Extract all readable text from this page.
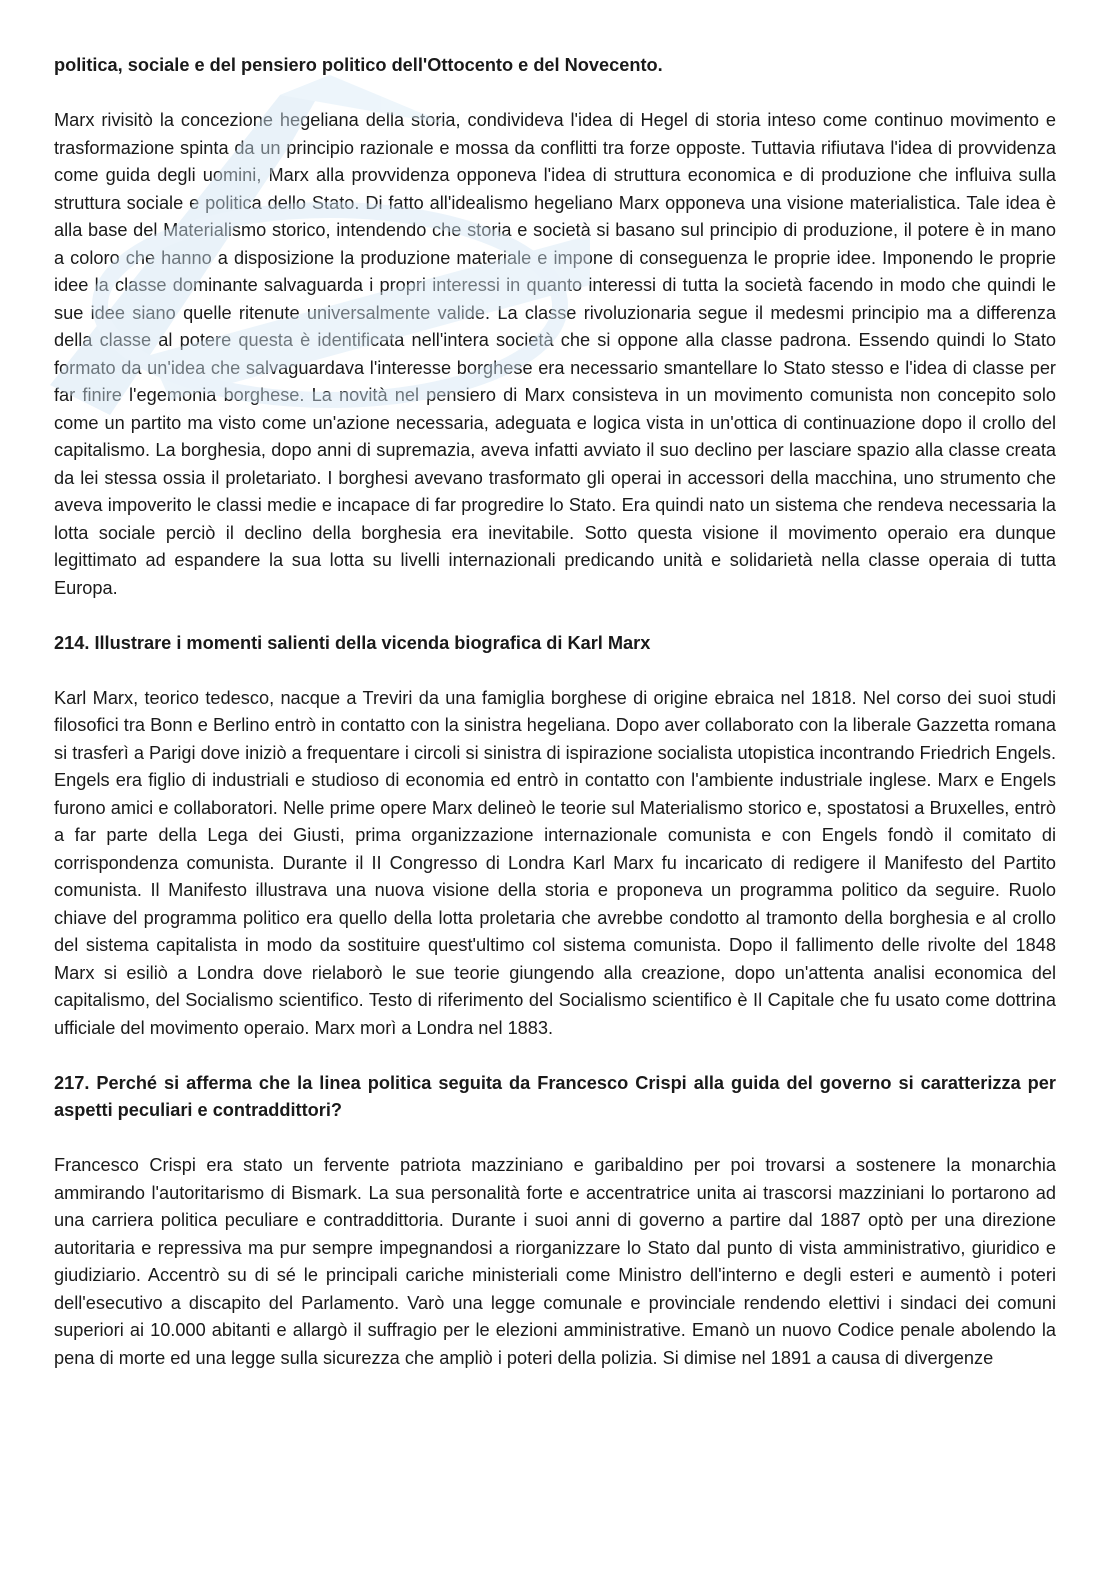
politica, sociale e del pensiero politico dell'Ottocento e del Novecento.

Marx rivisitò la concezione hegeliana della storia, condivideva l'idea di Hegel di storia inteso come continuo movimento e trasformazione spinta da un principio razionale e mossa da conflitti tra forze opposte. Tuttavia rifiutava l'idea di provvidenza come guida degli uomini, Marx alla provvidenza opponeva l'idea di struttura economica e di produzione che influiva sulla struttura sociale e politica dello Stato. Di fatto all'idealismo hegeliano Marx opponeva una visione materialistica. Tale idea è alla base del Materialismo storico, intendendo che storia e società si basano sul principio di produzione, il potere è in mano a coloro che hanno a disposizione la produzione materiale e impone di conseguenza le proprie idee. Imponendo le proprie idee la classe dominante salvaguarda i propri interessi in quanto interessi di tutta la società facendo in modo che quindi le sue idee siano quelle ritenute universalmente valide. La classe rivoluzionaria segue il medesmi principio ma a differenza della classe al potere questa è identificata nell'intera società che si oppone alla classe padrona. Essendo quindi lo Stato formato da un'idea che salvaguardava l'interesse borghese era necessario smantellare lo Stato stesso e l'idea di classe per far finire l'egemonia borghese. La novità nel pensiero di Marx consisteva in un movimento comunista non concepito solo come un partito ma visto come un'azione necessaria, adeguata e logica vista in un'ottica di continuazione dopo il crollo del capitalismo. La borghesia, dopo anni di supremazia, aveva infatti avviato il suo declino per lasciare spazio alla classe creata da lei stessa ossia il proletariato. I borghesi avevano trasformato gli operai in accessori della macchina, uno strumento che aveva impoverito le classi medie e incapace di far progredire lo Stato. Era quindi nato un sistema che rendeva necessaria la lotta sociale perciò il declino della borghesia era inevitabile. Sotto questa visione il movimento operaio era dunque legittimato ad espandere la sua lotta su livelli internazionali predicando unità e solidarietà nella classe operaia di tutta Europa.

214. Illustrare i momenti salienti della vicenda biografica di Karl Marx

Karl Marx, teorico tedesco, nacque a Treviri da una famiglia borghese di origine ebraica nel 1818. Nel corso dei suoi studi filosofici tra Bonn e Berlino entrò in contatto con la sinistra hegeliana. Dopo aver collaborato con la liberale Gazzetta romana si trasferì a Parigi dove iniziò a frequentare i circoli si sinistra di ispirazione socialista utopistica incontrando Friedrich Engels. Engels era figlio di industriali e studioso di economia ed entrò in contatto con l'ambiente industriale inglese. Marx e Engels furono amici e collaboratori. Nelle prime opere Marx delineò le teorie sul Materialismo storico e, spostatosi a Bruxelles, entrò a far parte della Lega dei Giusti, prima organizzazione internazionale comunista e con Engels fondò il comitato di corrispondenza comunista. Durante il II Congresso di Londra Karl Marx fu incaricato di redigere il Manifesto del Partito comunista. Il Manifesto illustrava una nuova visione della storia e proponeva un programma politico da seguire. Ruolo chiave del programma politico era quello della lotta proletaria che avrebbe condotto al tramonto della borghesia e al crollo del sistema capitalista in modo da sostituire quest'ultimo col sistema comunista. Dopo il fallimento delle rivolte del 1848 Marx si esiliò a Londra dove rielaborò le sue teorie giungendo alla creazione, dopo un'attenta analisi economica del capitalismo, del Socialismo scientifico. Testo di riferimento del Socialismo scientifico è Il Capitale che fu usato come dottrina ufficiale del movimento operaio. Marx morì a Londra nel 1883.

217. Perché si afferma che la linea politica seguita da Francesco Crispi alla guida del governo si caratterizza per aspetti peculiari e contraddittori?

Francesco Crispi era stato un fervente patriota mazziniano e garibaldino per poi trovarsi a sostenere la monarchia ammirando l'autoritarismo di Bismark. La sua personalità forte e accentratrice unita ai trascorsi mazziniani lo portarono ad una carriera politica peculiare e contraddittoria. Durante i suoi anni di governo a partire dal 1887 optò per una direzione autoritaria e repressiva ma pur sempre impegnandosi a riorganizzare lo Stato dal punto di vista amministrativo, giuridico e giudiziario. Accentrò su di sé le principali cariche ministeriali come Ministro dell'interno e degli esteri e aumentò i poteri dell'esecutivo a discapito del Parlamento. Varò una legge comunale e provinciale rendendo elettivi i sindaci dei comuni superiori ai 10.000 abitanti e allargò il suffragio per le elezioni amministrative. Emanò un nuovo Codice penale abolendo la pena di morte ed una legge sulla sicurezza che ampliò i poteri della polizia. Si dimise nel 1891 a causa di divergenze
